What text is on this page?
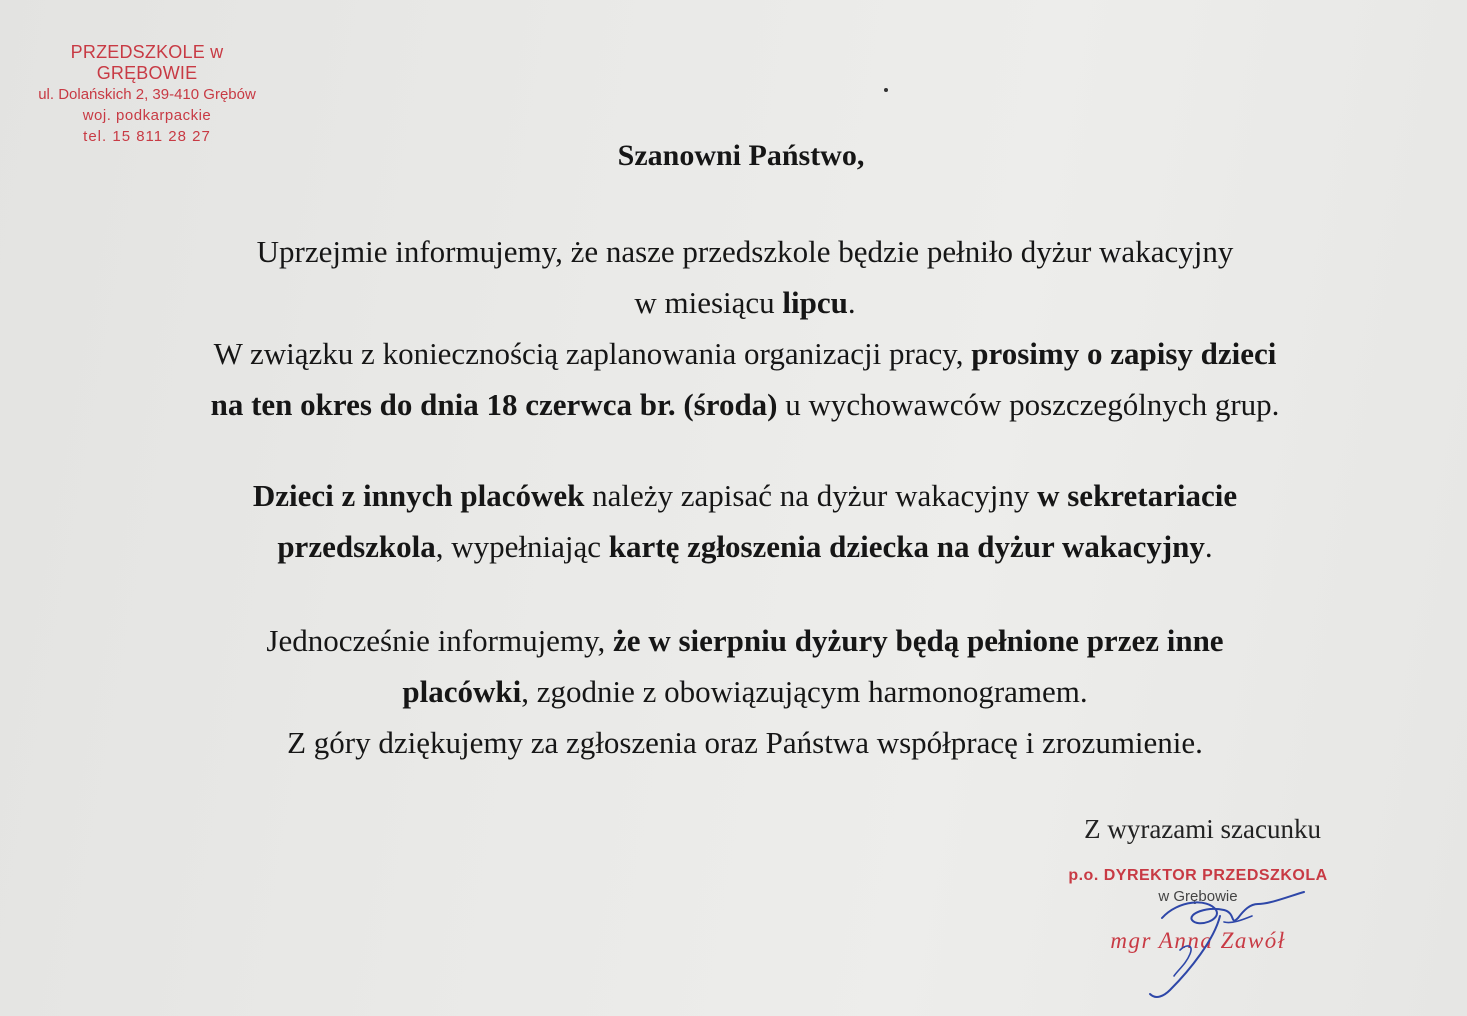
PRZEDSZKOLE w GRĘBOWIE
ul. Dolańskich 2, 39-410 Grębów
woj. podkarpackie
tel. 15 811 28 27
Szanowni Państwo,
Uprzejmie informujemy, że nasze przedszkole będzie pełniło dyżur wakacyjny
w miesiącu lipcu.
W związku z koniecznością zaplanowania organizacji pracy, prosimy o zapisy dzieci
na ten okres do dnia 18 czerwca br. (środa) u wychowawców poszczególnych grup.
Dzieci z innych placówek należy zapisać na dyżur wakacyjny w sekretariacie
przedszkola, wypełniając kartę zgłoszenia dziecka na dyżur wakacyjny.
Jednocześnie informujemy, że w sierpniu dyżury będą pełnione przez inne
placówki, zgodnie z obowiązującym harmonogramem.
Z góry dziękujemy za zgłoszenia oraz Państwa współpracę i zrozumienie.
Z wyrazami szacunku
p.o. DYREKTOR PRZEDSZKOLA
w Grębowie
mgr Anna Zawół
